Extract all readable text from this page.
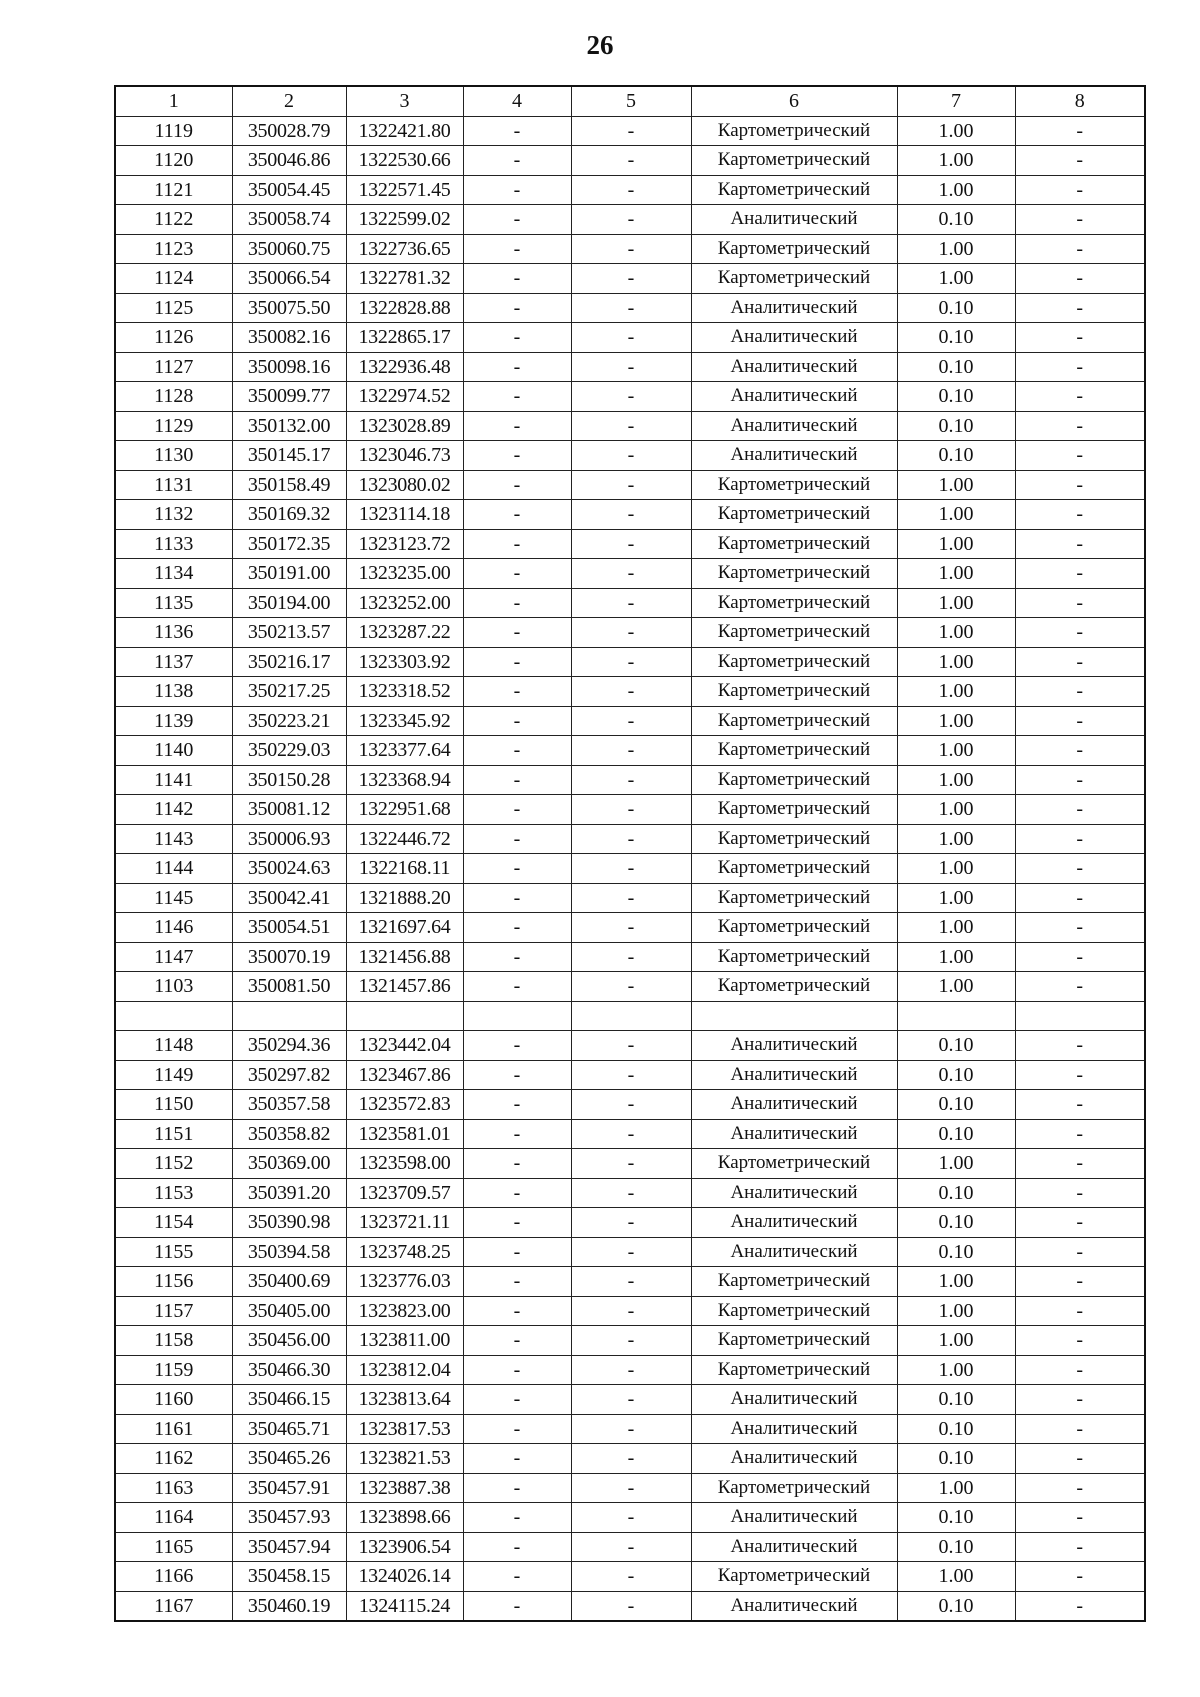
26
1	2	3	4	5	6	7	8
1119	350028.79	1322421.80	-	-	Картометрический	1.00	-
1120	350046.86	1322530.66	-	-	Картометрический	1.00	-
1121	350054.45	1322571.45	-	-	Картометрический	1.00	-
1122	350058.74	1322599.02	-	-	Аналитический	0.10	-
1123	350060.75	1322736.65	-	-	Картометрический	1.00	-
1124	350066.54	1322781.32	-	-	Картометрический	1.00	-
1125	350075.50	1322828.88	-	-	Аналитический	0.10	-
1126	350082.16	1322865.17	-	-	Аналитический	0.10	-
1127	350098.16	1322936.48	-	-	Аналитический	0.10	-
1128	350099.77	1322974.52	-	-	Аналитический	0.10	-
1129	350132.00	1323028.89	-	-	Аналитический	0.10	-
1130	350145.17	1323046.73	-	-	Аналитический	0.10	-
1131	350158.49	1323080.02	-	-	Картометрический	1.00	-
1132	350169.32	1323114.18	-	-	Картометрический	1.00	-
1133	350172.35	1323123.72	-	-	Картометрический	1.00	-
1134	350191.00	1323235.00	-	-	Картометрический	1.00	-
1135	350194.00	1323252.00	-	-	Картометрический	1.00	-
1136	350213.57	1323287.22	-	-	Картометрический	1.00	-
1137	350216.17	1323303.92	-	-	Картометрический	1.00	-
1138	350217.25	1323318.52	-	-	Картометрический	1.00	-
1139	350223.21	1323345.92	-	-	Картометрический	1.00	-
1140	350229.03	1323377.64	-	-	Картометрический	1.00	-
1141	350150.28	1323368.94	-	-	Картометрический	1.00	-
1142	350081.12	1322951.68	-	-	Картометрический	1.00	-
1143	350006.93	1322446.72	-	-	Картометрический	1.00	-
1144	350024.63	1322168.11	-	-	Картометрический	1.00	-
1145	350042.41	1321888.20	-	-	Картометрический	1.00	-
1146	350054.51	1321697.64	-	-	Картометрический	1.00	-
1147	350070.19	1321456.88	-	-	Картометрический	1.00	-
1103	350081.50	1321457.86	-	-	Картометрический	1.00	-

1148	350294.36	1323442.04	-	-	Аналитический	0.10	-
1149	350297.82	1323467.86	-	-	Аналитический	0.10	-
1150	350357.58	1323572.83	-	-	Аналитический	0.10	-
1151	350358.82	1323581.01	-	-	Аналитический	0.10	-
1152	350369.00	1323598.00	-	-	Картометрический	1.00	-
1153	350391.20	1323709.57	-	-	Аналитический	0.10	-
1154	350390.98	1323721.11	-	-	Аналитический	0.10	-
1155	350394.58	1323748.25	-	-	Аналитический	0.10	-
1156	350400.69	1323776.03	-	-	Картометрический	1.00	-
1157	350405.00	1323823.00	-	-	Картометрический	1.00	-
1158	350456.00	1323811.00	-	-	Картометрический	1.00	-
1159	350466.30	1323812.04	-	-	Картометрический	1.00	-
1160	350466.15	1323813.64	-	-	Аналитический	0.10	-
1161	350465.71	1323817.53	-	-	Аналитический	0.10	-
1162	350465.26	1323821.53	-	-	Аналитический	0.10	-
1163	350457.91	1323887.38	-	-	Картометрический	1.00	-
1164	350457.93	1323898.66	-	-	Аналитический	0.10	-
1165	350457.94	1323906.54	-	-	Аналитический	0.10	-
1166	350458.15	1324026.14	-	-	Картометрический	1.00	-
1167	350460.19	1324115.24	-	-	Аналитический	0.10	-
